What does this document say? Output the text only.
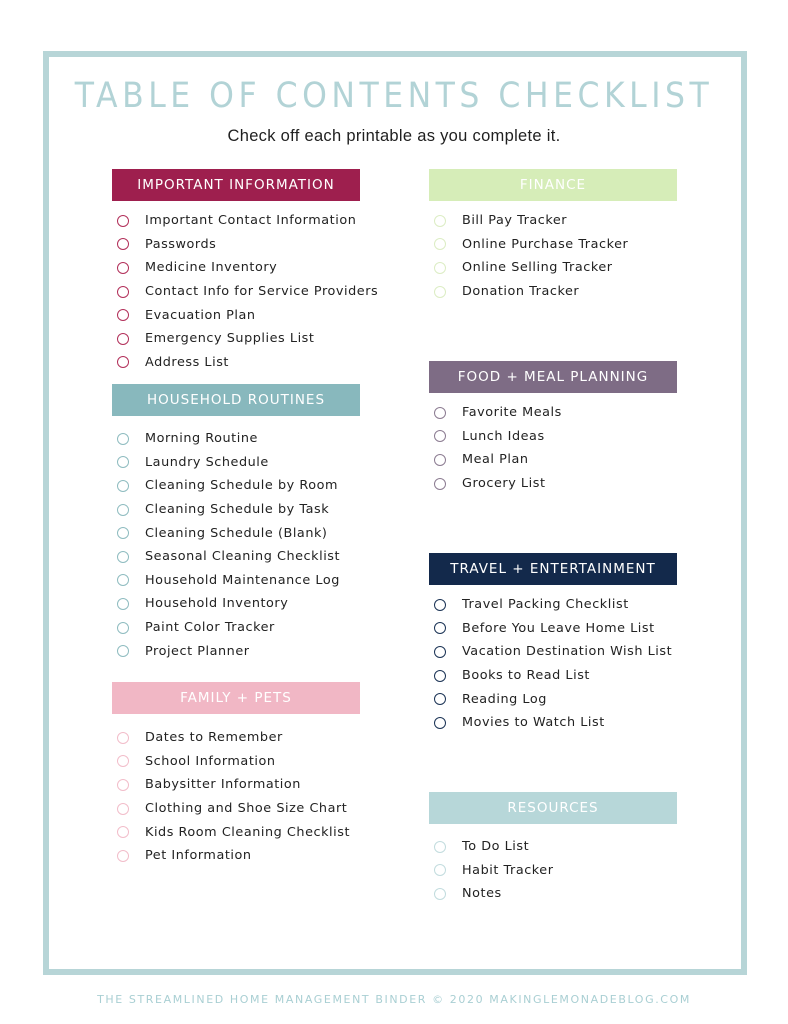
TABLE OF CONTENTS CHECKLIST
Check off each printable as you complete it.
IMPORTANT INFORMATION
Important Contact Information
Passwords
Medicine Inventory
Contact Info for Service Providers
Evacuation Plan
Emergency Supplies List
Address List
HOUSEHOLD ROUTINES
Morning Routine
Laundry Schedule
Cleaning Schedule by Room
Cleaning Schedule by Task
Cleaning Schedule (Blank)
Seasonal Cleaning Checklist
Household Maintenance Log
Household Inventory
Paint Color Tracker
Project Planner
FAMILY + PETS
Dates to Remember
School Information
Babysitter Information
Clothing and Shoe Size Chart
Kids Room Cleaning Checklist
Pet Information
FINANCE
Bill Pay Tracker
Online Purchase Tracker
Online Selling Tracker
Donation Tracker
FOOD + MEAL PLANNING
Favorite Meals
Lunch Ideas
Meal Plan
Grocery List
TRAVEL + ENTERTAINMENT
Travel Packing Checklist
Before You Leave Home List
Vacation Destination Wish List
Books to Read List
Reading Log
Movies to Watch List
RESOURCES
To Do List
Habit Tracker
Notes
THE STREAMLINED HOME MANAGEMENT BINDER © 2020 MAKINGLEMONADEBLOG.COM
